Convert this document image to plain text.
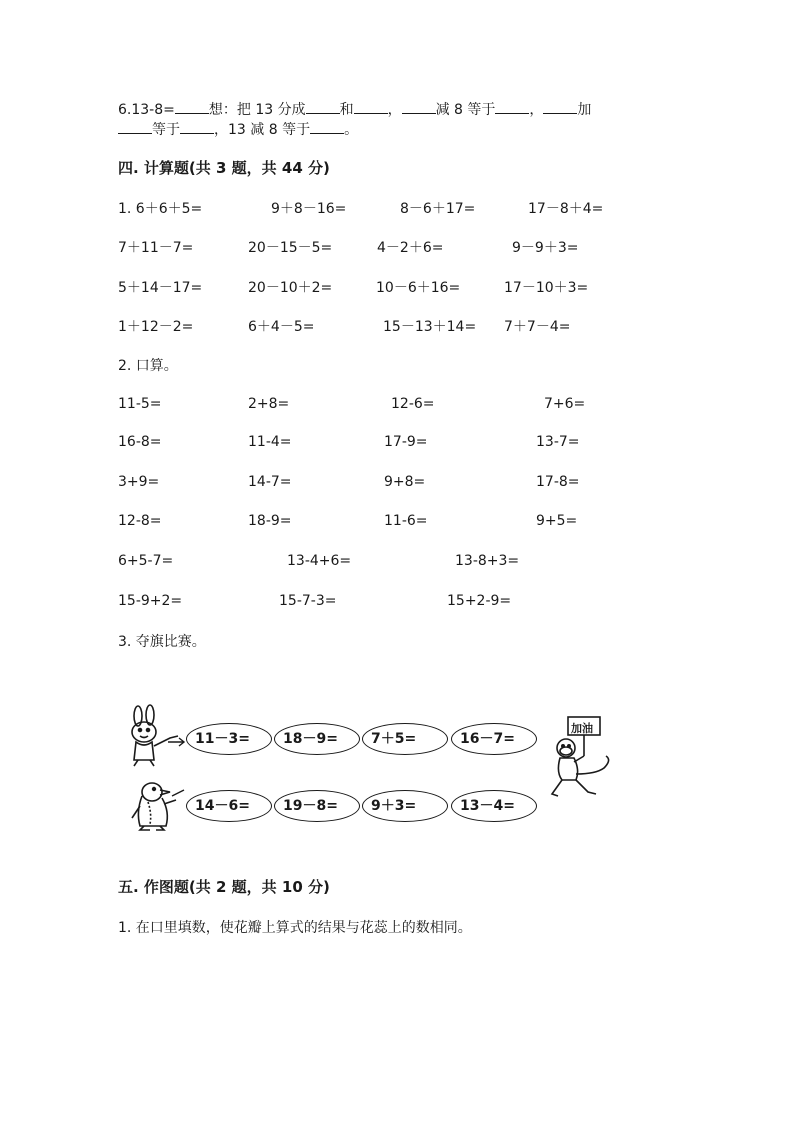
6.13-8= 想：把 13 分成 和 ， 减 8 等于 ， 加
等于 ，13 减 8 等于 。
四. 计算题(共 3 题，共 44 分)
1. 6＋6＋5=	9＋8－16=	8－6＋17=	17－8＋4=
7＋11－7=	20－15－5=	4－2＋6=	9－9＋3=
5＋14－17=	20－10＋2=	10－6＋16=	17－10＋3=
1＋12－2=	6＋4－5=	15－13＋14= 7＋7－4=
2. 口算。
11-5=	2+8=	12-6=	7+6=
16-8=	11-4=	17-9=	13-7=
3+9=	14-7=	9+8=	17-8=
12-8=	18-9=	11-6=	9+5=
6+5-7=	13-4+6=	13-8+3=
15-9+2=	15-7-3=	15+2-9=
3. 夺旗比赛。
11－3=	18－9=	7＋5=	16－7=
14－6=	19－8=	9＋3=	13－4=
加油
五. 作图题(共 2 题，共 10 分)
1. 在口里填数，使花瓣上算式的结果与花蕊上的数相同。
